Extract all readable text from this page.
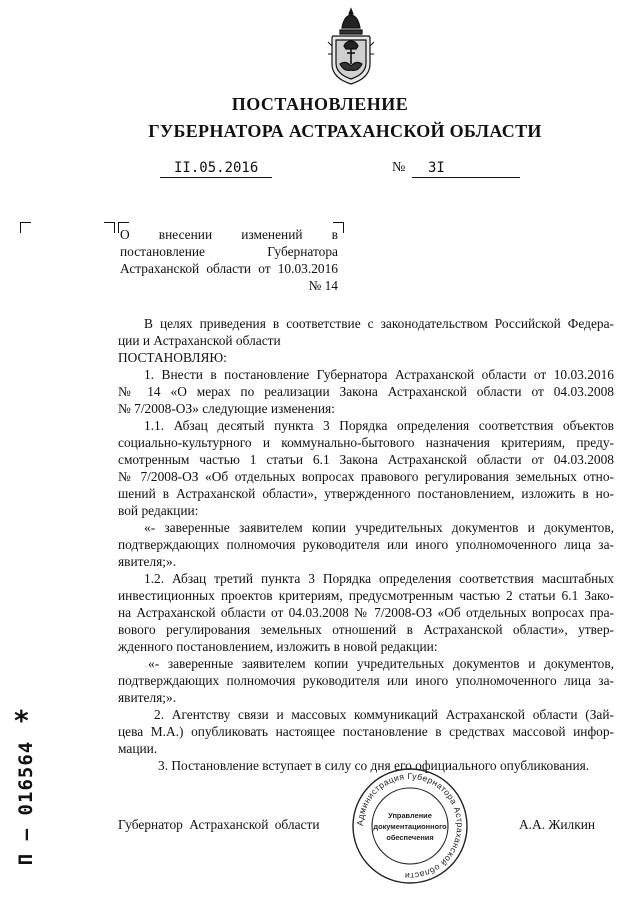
ПОСТАНОВЛЕНИЕ
ГУБЕРНАТОРА АСТРАХАНСКОЙ ОБЛАСТИ
II.05.2016	№	3I
О внесении изменений в постановление Губернатора Астраханской области от 10.03.2016 № 14
В целях приведения в соответствие с законодательством Российской Федера-
ции и Астраханской области
ПОСТАНОВЛЯЮ:
1. Внести в постановление Губернатора Астраханской области от 10.03.2016
№ 14 «О мерах по реализации Закона Астраханской области от 04.03.2008
№ 7/2008-ОЗ» следующие изменения:
1.1. Абзац десятый пункта 3 Порядка определения соответствия объектов
социально-культурного и коммунально-бытового назначения критериям, преду-
смотренным частью 1 статьи 6.1 Закона Астраханской области от 04.03.2008
№ 7/2008-ОЗ «Об отдельных вопросах правового регулирования земельных отно-
шений в Астраханской области», утвержденного постановлением, изложить в но-
вой редакции:
«- заверенные заявителем копии учредительных документов и документов,
подтверждающих полномочия руководителя или иного уполномоченного лица за-
явителя;».
1.2. Абзац третий пункта 3 Порядка определения соответствия масштабных
инвестиционных проектов критериям, предусмотренным частью 2 статьи 6.1 Зако-
на Астраханской области от 04.03.2008 № 7/2008-ОЗ «Об отдельных вопросах пра-
вового регулирования земельных отношений в Астраханской области», утвер-
жденного постановлением, изложить в новой редакции:
«- заверенные заявителем копии учредительных документов и документов,
подтверждающих полномочия руководителя или иного уполномоченного лица за-
явителя;».
2. Агентству связи и массовых коммуникаций Астраханской области (Зай-
цева М.А.) опубликовать настоящее постановление в средствах массовой инфор-
мации.
3. Постановление вступает в силу со дня его официального опубликования.
Администрация Губернатора Астраханской области
Управление
документационного
обеспечения
Губернатор Астраханской области	А.А. Жилкин
*
П – 016564
